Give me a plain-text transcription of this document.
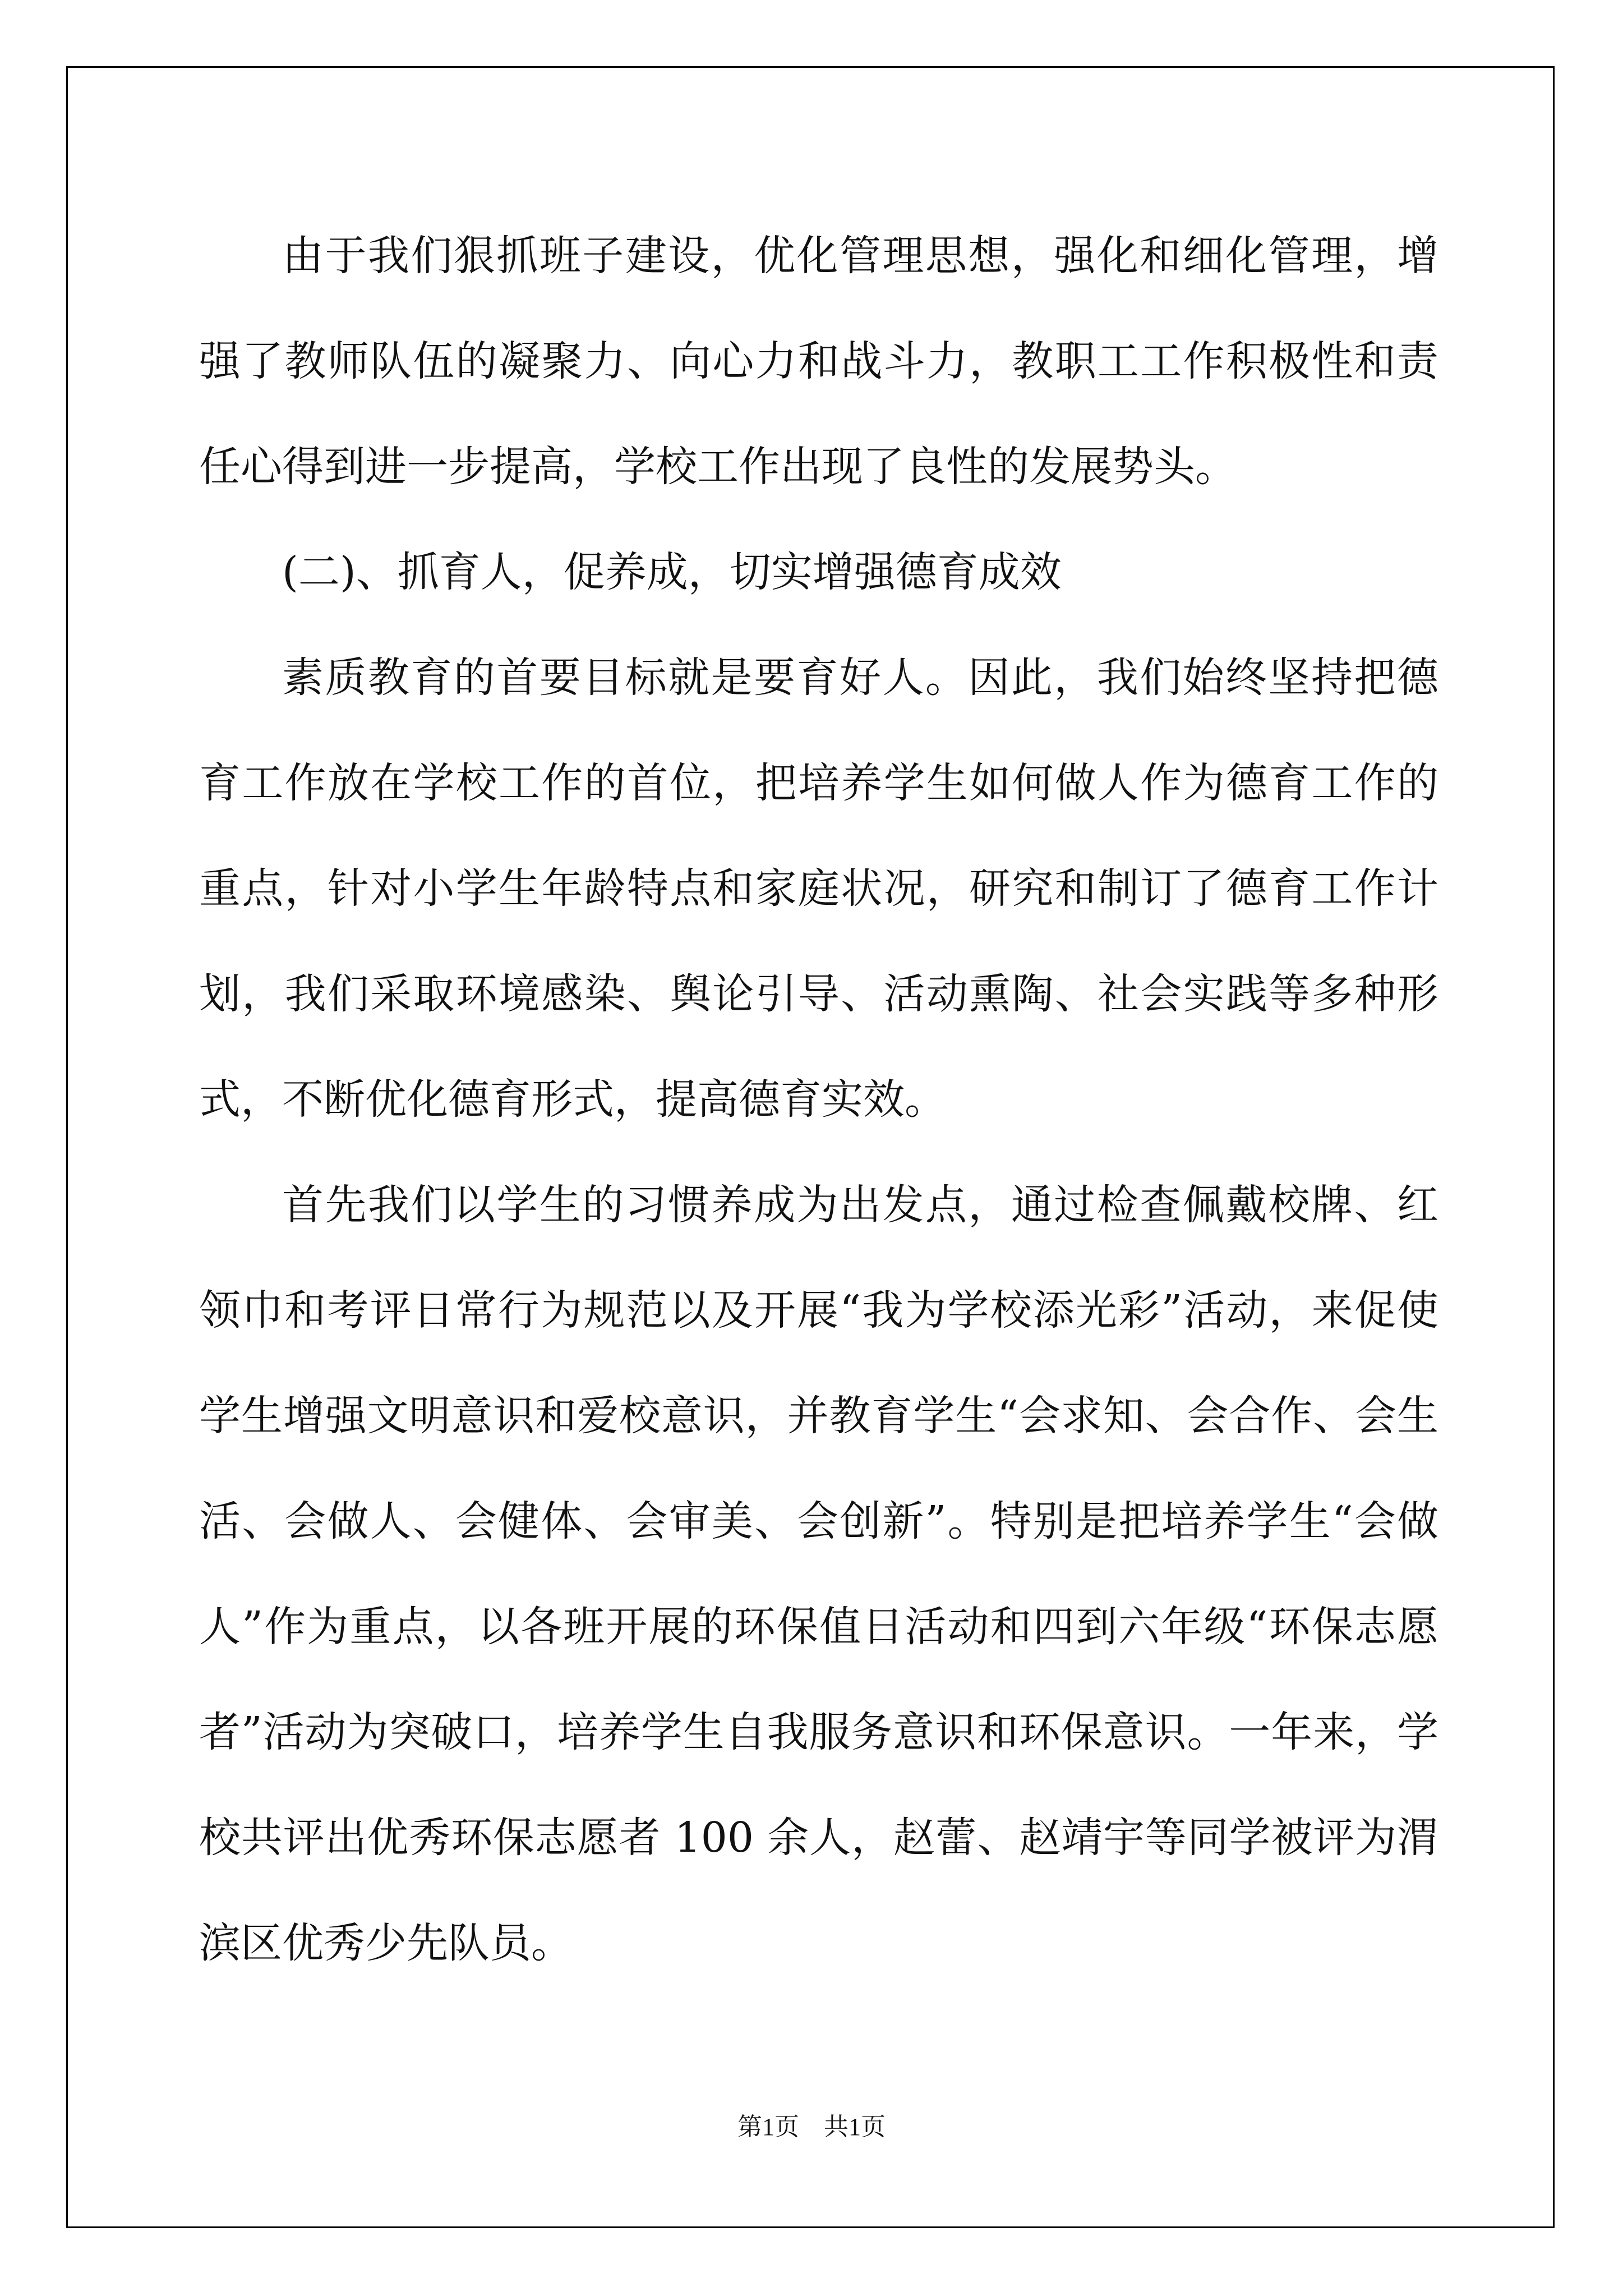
由于我们狠抓班子建设，优化管理思想，强化和细化管理，增强了教师队伍的凝聚力、向心力和战斗力，教职工工作积极性和责任心得到进一步提高，学校工作出现了良性的发展势头。

(二)、抓育人，促养成，切实增强德育成效

素质教育的首要目标就是要育好人。因此，我们始终坚持把德育工作放在学校工作的首位，把培养学生如何做人作为德育工作的重点，针对小学生年龄特点和家庭状况，研究和制订了德育工作计划，我们采取环境感染、舆论引导、活动熏陶、社会实践等多种形式，不断优化德育形式，提高德育实效。

首先我们以学生的习惯养成为出发点，通过检查佩戴校牌、红领巾和考评日常行为规范以及开展“我为学校添光彩”活动，来促使学生增强文明意识和爱校意识，并教育学生“会求知、会合作、会生活、会做人、会健体、会审美、会创新”。特别是把培养学生“会做人”作为重点，以各班开展的环保值日活动和四到六年级“环保志愿者”活动为突破口，培养学生自我服务意识和环保意识。一年来，学校共评出优秀环保志愿者 100 余人，赵蕾、赵靖宇等同学被评为渭滨区优秀少先队员。

第1页　共1页
